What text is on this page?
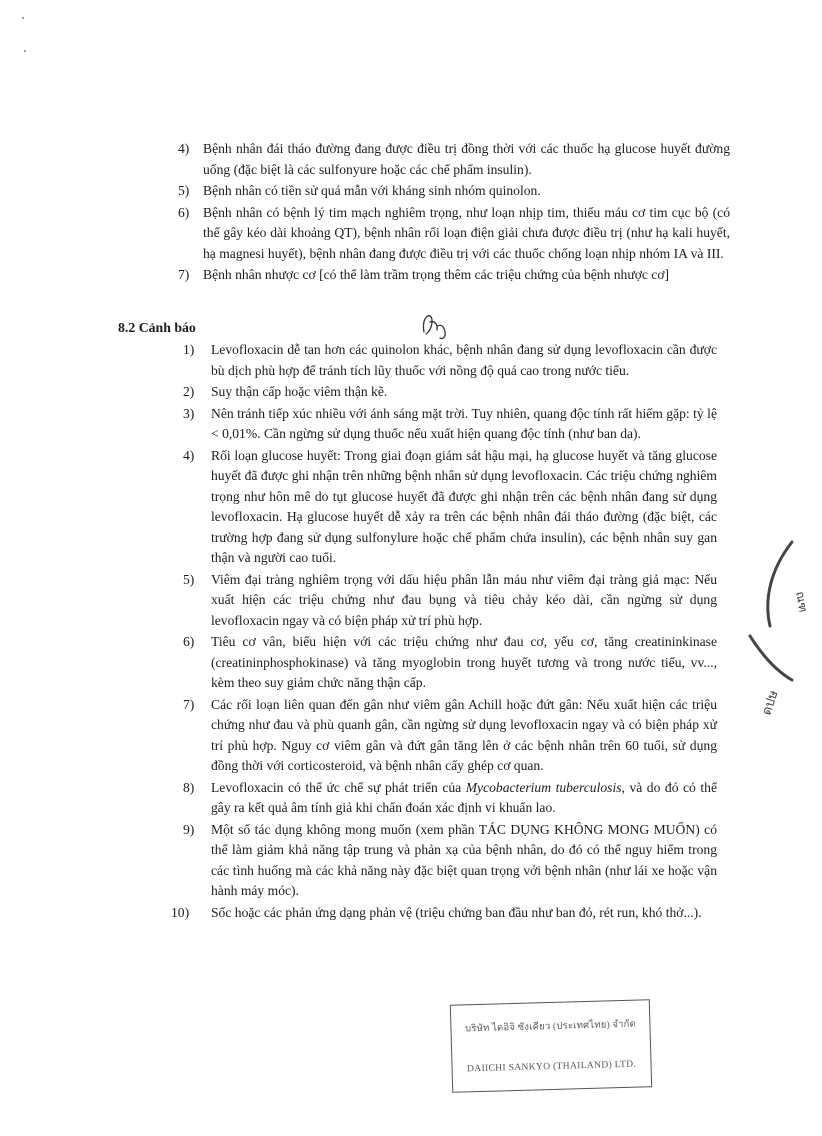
4) Bệnh nhân đái tháo đường đang được điều trị đồng thời với các thuốc hạ glucose huyết đường uống (đặc biệt là các sulfonyure hoặc các chế phẩm insulin).
5) Bệnh nhân có tiền sử quá mẫn với kháng sinh nhóm quinolon.
6) Bệnh nhân có bệnh lý tim mạch nghiêm trọng, như loạn nhịp tim, thiếu máu cơ tim cục bộ (có thể gây kéo dài khoảng QT), bệnh nhân rối loạn điện giải chưa được điều trị (như hạ kali huyết, hạ magnesi huyết), bệnh nhân đang được điều trị với các thuốc chống loạn nhịp nhóm IA và III.
7) Bệnh nhân nhược cơ [có thể làm trầm trọng thêm các triệu chứng của bệnh nhược cơ]
8.2 Cảnh báo
1) Levofloxacin dễ tan hơn các quinolon khác, bệnh nhân đang sử dụng levofloxacin cần được bù dịch phù hợp để tránh tích lũy thuốc với nồng độ quá cao trong nước tiểu.
2) Suy thận cấp hoặc viêm thận kẽ.
3) Nên tránh tiếp xúc nhiều với ánh sáng mặt trời. Tuy nhiên, quang độc tính rất hiếm gặp: tỷ lệ < 0,01%. Cần ngừng sử dụng thuốc nếu xuất hiện quang độc tính (như ban da).
4) Rối loạn glucose huyết: Trong giai đoạn giám sát hậu mại, hạ glucose huyết và tăng glucose huyết đã được ghi nhận trên những bệnh nhân sử dụng levofloxacin. Các triệu chứng nghiêm trọng như hôn mê do tụt glucose huyết đã được ghi nhận trên các bệnh nhân đang sử dụng levofloxacin. Hạ glucose huyết dễ xảy ra trên các bệnh nhân đái tháo đường (đặc biệt, các trường hợp đang sử dụng sulfonylure hoặc chế phẩm chứa insulin), các bệnh nhân suy gan thận và người cao tuổi.
5) Viêm đại tràng nghiêm trọng với dấu hiệu phân lẫn máu như viêm đại tràng giả mạc: Nếu xuất hiện các triệu chứng như đau bụng và tiêu chảy kéo dài, cần ngừng sử dụng levofloxacin ngay và có biện pháp xử trí phù hợp.
6) Tiêu cơ vân, biểu hiện với các triệu chứng như đau cơ, yếu cơ, tăng creatininkinase (creatininphosphokinase) và tăng myoglobin trong huyết tương và trong nước tiểu, vv..., kèm theo suy giảm chức năng thận cấp.
7) Các rối loạn liên quan đến gân như viêm gân Achill hoặc đứt gân: Nếu xuất hiện các triệu chứng như đau và phù quanh gân, cần ngừng sử dụng levofloxacin ngay và có biện pháp xử trí phù hợp. Nguy cơ viêm gân và đứt gân tăng lên ở các bệnh nhân trên 60 tuổi, sử dụng đồng thời với corticosteroid, và bệnh nhân cấy ghép cơ quan.
8) Levofloxacin có thể ức chế sự phát triển của Mycobacterium tuberculosis, và do đó có thể gây ra kết quả âm tính giả khi chẩn đoán xác định vi khuẩn lao.
9) Một số tác dụng không mong muốn (xem phần TÁC DỤNG KHÔNG MONG MUỐN) có thể làm giảm khả năng tập trung và phản xạ của bệnh nhân, do đó có thể nguy hiểm trong các tình huống mà các khả năng này đặc biệt quan trọng với bệnh nhân (như lái xe hoặc vận hành máy móc).
10)	Sốc hoặc các phản ứng dạng phản vệ (triệu chứng ban đầu như ban đỏ, rét run, khó thở...).
บริษัท ไดอิจิ ซังเคียว (ประเทศไทย) จำกัด
DAIICHI SANKYO (THAILAND) LTD.
ณฑ
ดปษ
